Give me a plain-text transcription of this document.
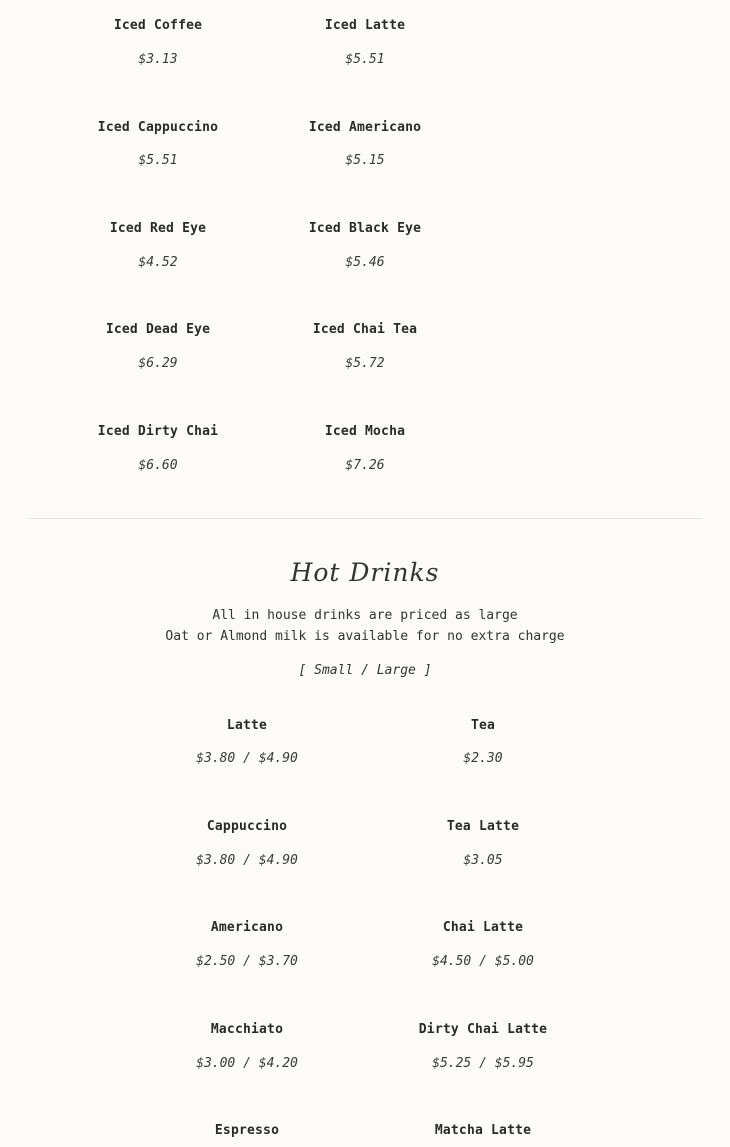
Iced Coffee
$3.13
Iced Latte
$5.51
Iced Cappuccino
$5.51
Iced Americano
$5.15
Iced Red Eye
$4.52
Iced Black Eye
$5.46
Iced Dead Eye
$6.29
Iced Chai Tea
$5.72
Iced Dirty Chai
$6.60
Iced Mocha
$7.26
Hot Drinks
All in house drinks are priced as large
Oat or Almond milk is available for no extra charge
[ Small / Large ]
Latte
$3.80 / $4.90
Tea
$2.30
Cappuccino
$3.80 / $4.90
Tea Latte
$3.05
Americano
$2.50 / $3.70
Chai Latte
$4.50 / $5.00
Macchiato
$3.00 / $4.20
Dirty Chai Latte
$5.25 / $5.95
Espresso	Matcha Latte
